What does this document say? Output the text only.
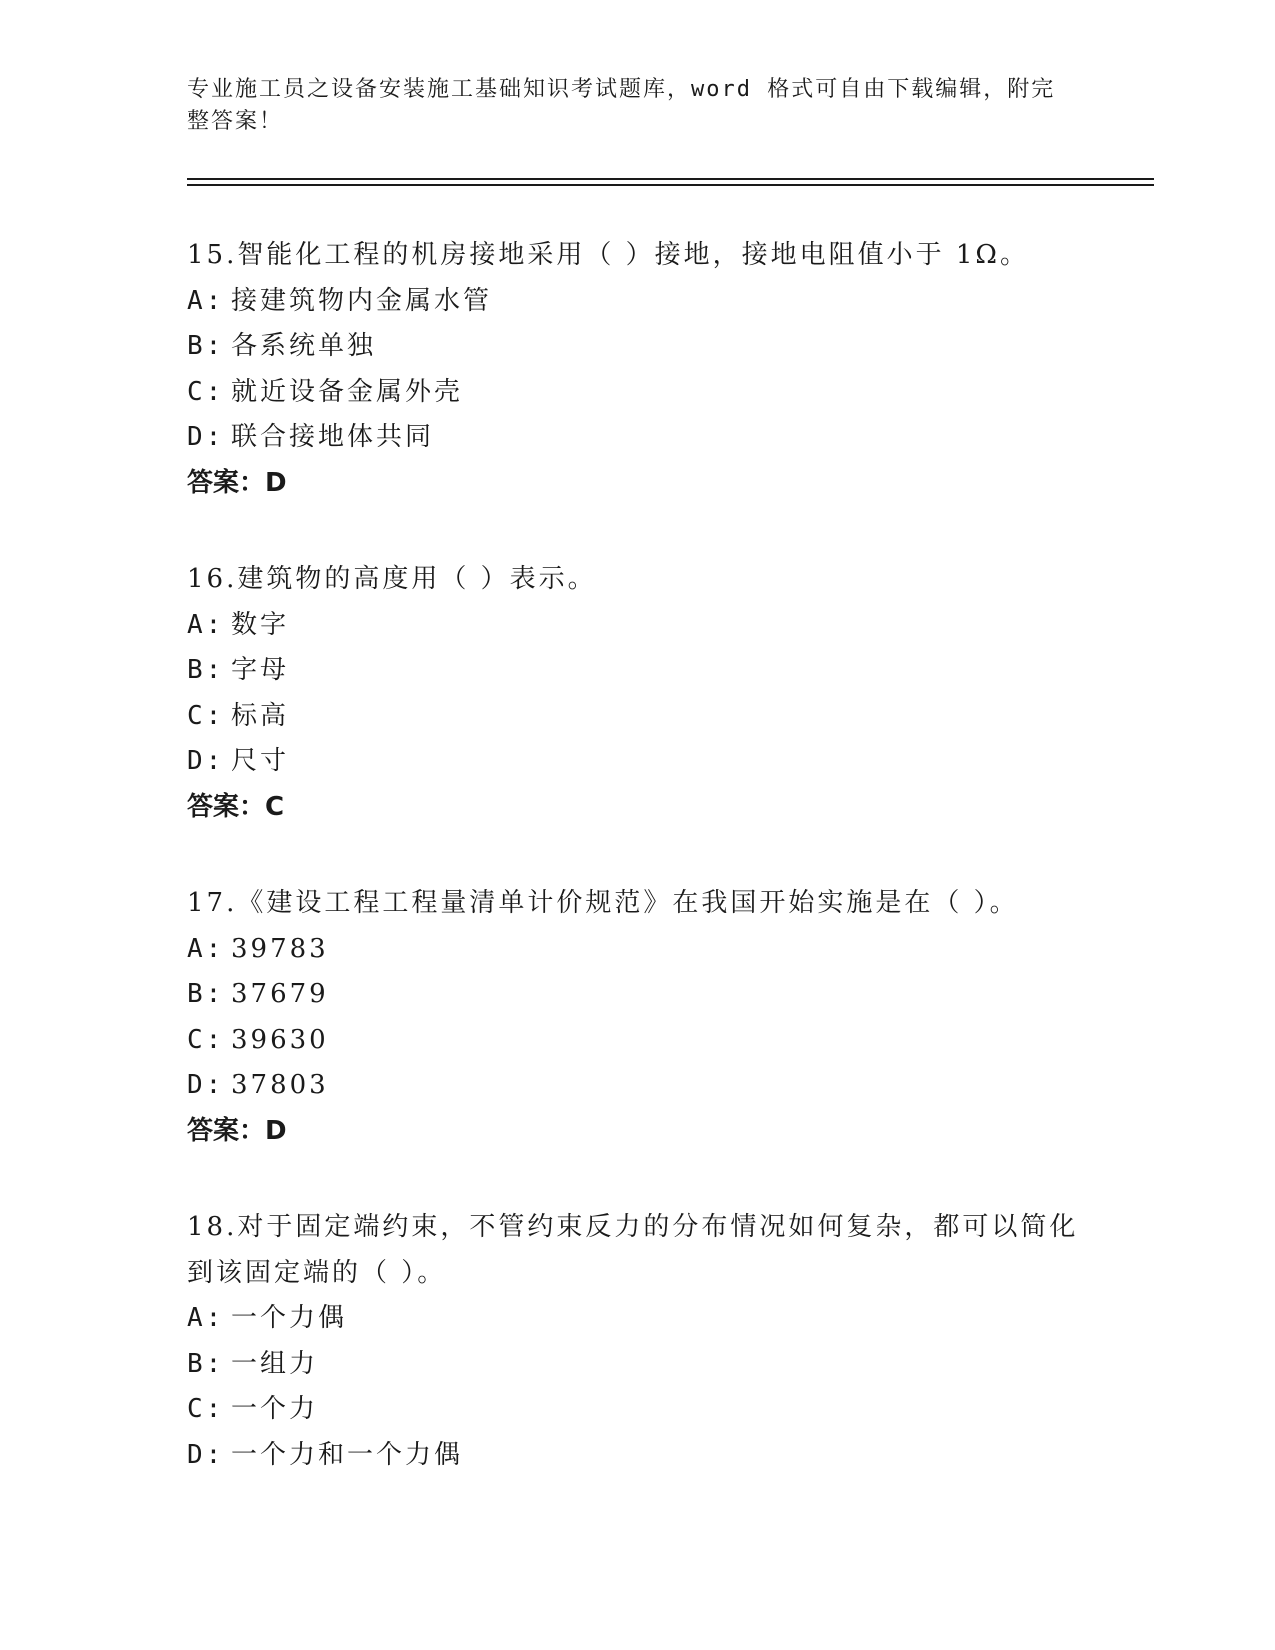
专业施工员之设备安装施工基础知识考试题库，word 格式可自由下载编辑，附完
整答案！
15.智能化工程的机房接地采用（ ）接地，接地电阻值小于 1Ω。
A: 接建筑物内金属水管
B: 各系统单独
C: 就近设备金属外壳
D: 联合接地体共同
答案：D
16.建筑物的高度用（ ）表示。
A: 数字
B: 字母
C: 标高
D: 尺寸
答案：C
17.《建设工程工程量清单计价规范》在我国开始实施是在（ ）。
A: 39783
B: 37679
C: 39630
D: 37803
答案：D
18.对于固定端约束，不管约束反力的分布情况如何复杂，都可以简化
到该固定端的（ ）。
A: 一个力偶
B: 一组力
C: 一个力
D: 一个力和一个力偶
